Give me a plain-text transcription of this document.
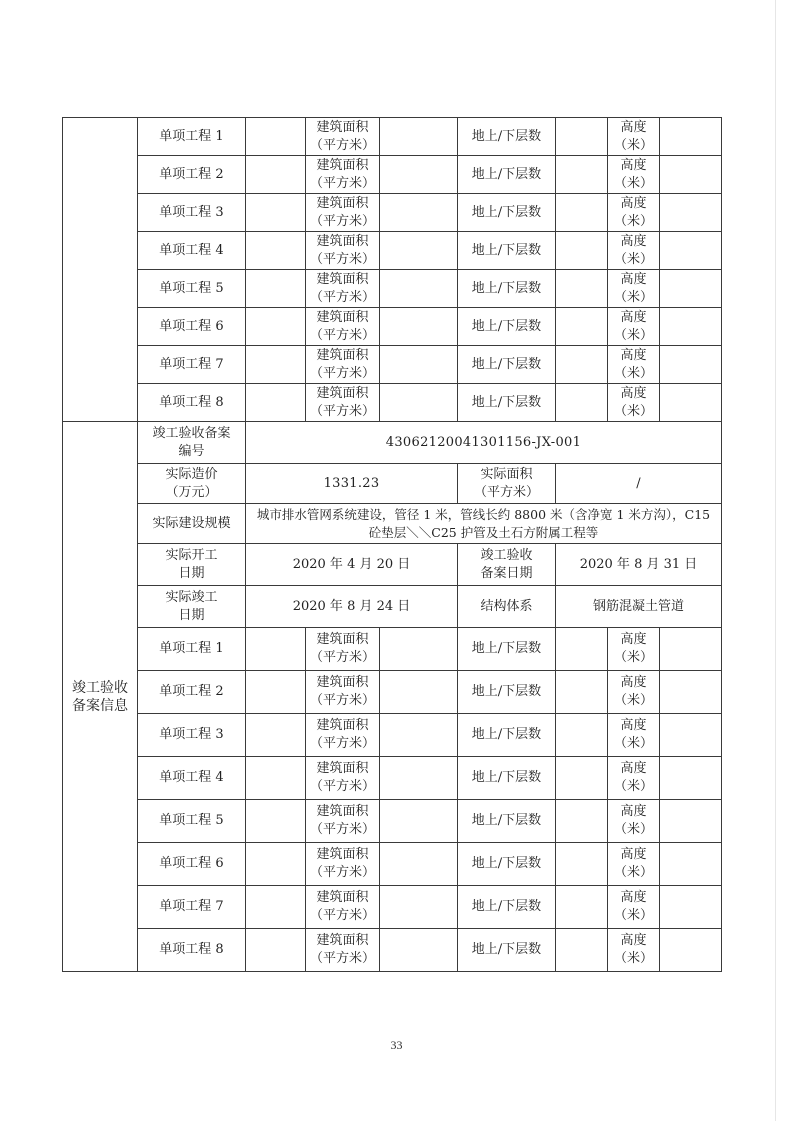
	单项工程 1		建筑面积
（平方米）		地上/下层数		高度
（米）	

	单项工程 2		建筑面积
（平方米）		地上/下层数		高度
（米）	

	单项工程 3		建筑面积
（平方米）		地上/下层数		高度
（米）	

	单项工程 4		建筑面积
（平方米）		地上/下层数		高度
（米）	

	单项工程 5		建筑面积
（平方米）		地上/下层数		高度
（米）	

	单项工程 6		建筑面积
（平方米）		地上/下层数		高度
（米）	

	单项工程 7		建筑面积
（平方米）		地上/下层数		高度
（米）	

	单项工程 8		建筑面积
（平方米）		地上/下层数		高度
（米）	

竣工验收
备案信息	竣工验收备案
编号	43062120041301156-JX-001						

	实际造价
（万元）	1331.23			实际面积
（平方米）	/		
	实际建设规模	城市排水管网系统建设，管径 1 米，管线长约 8800 米（含净宽 1 米方沟），C15
砼垫层＼＼C25 护管及土石方附属工程等						

	实际开工
日期	2020 年 4 月 20 日			竣工验收
备案日期	2020 年 8 月 31 日		

	实际竣工
日期	2020 年 8 月 24 日			结构体系	钢筋混凝土管道		
	单项工程 1		建筑面积
（平方米）		地上/下层数		高度
（米）	

	单项工程 2		建筑面积
（平方米）		地上/下层数		高度
（米）	

	单项工程 3		建筑面积
（平方米）		地上/下层数		高度
（米）	

	单项工程 4		建筑面积
（平方米）		地上/下层数		高度
（米）	

	单项工程 5		建筑面积
（平方米）		地上/下层数		高度
（米）	

	单项工程 6		建筑面积
（平方米）		地上/下层数		高度
（米）	

	单项工程 7		建筑面积
（平方米）		地上/下层数		高度
（米）	

	单项工程 8		建筑面积
（平方米）		地上/下层数		高度
（米）	

33
